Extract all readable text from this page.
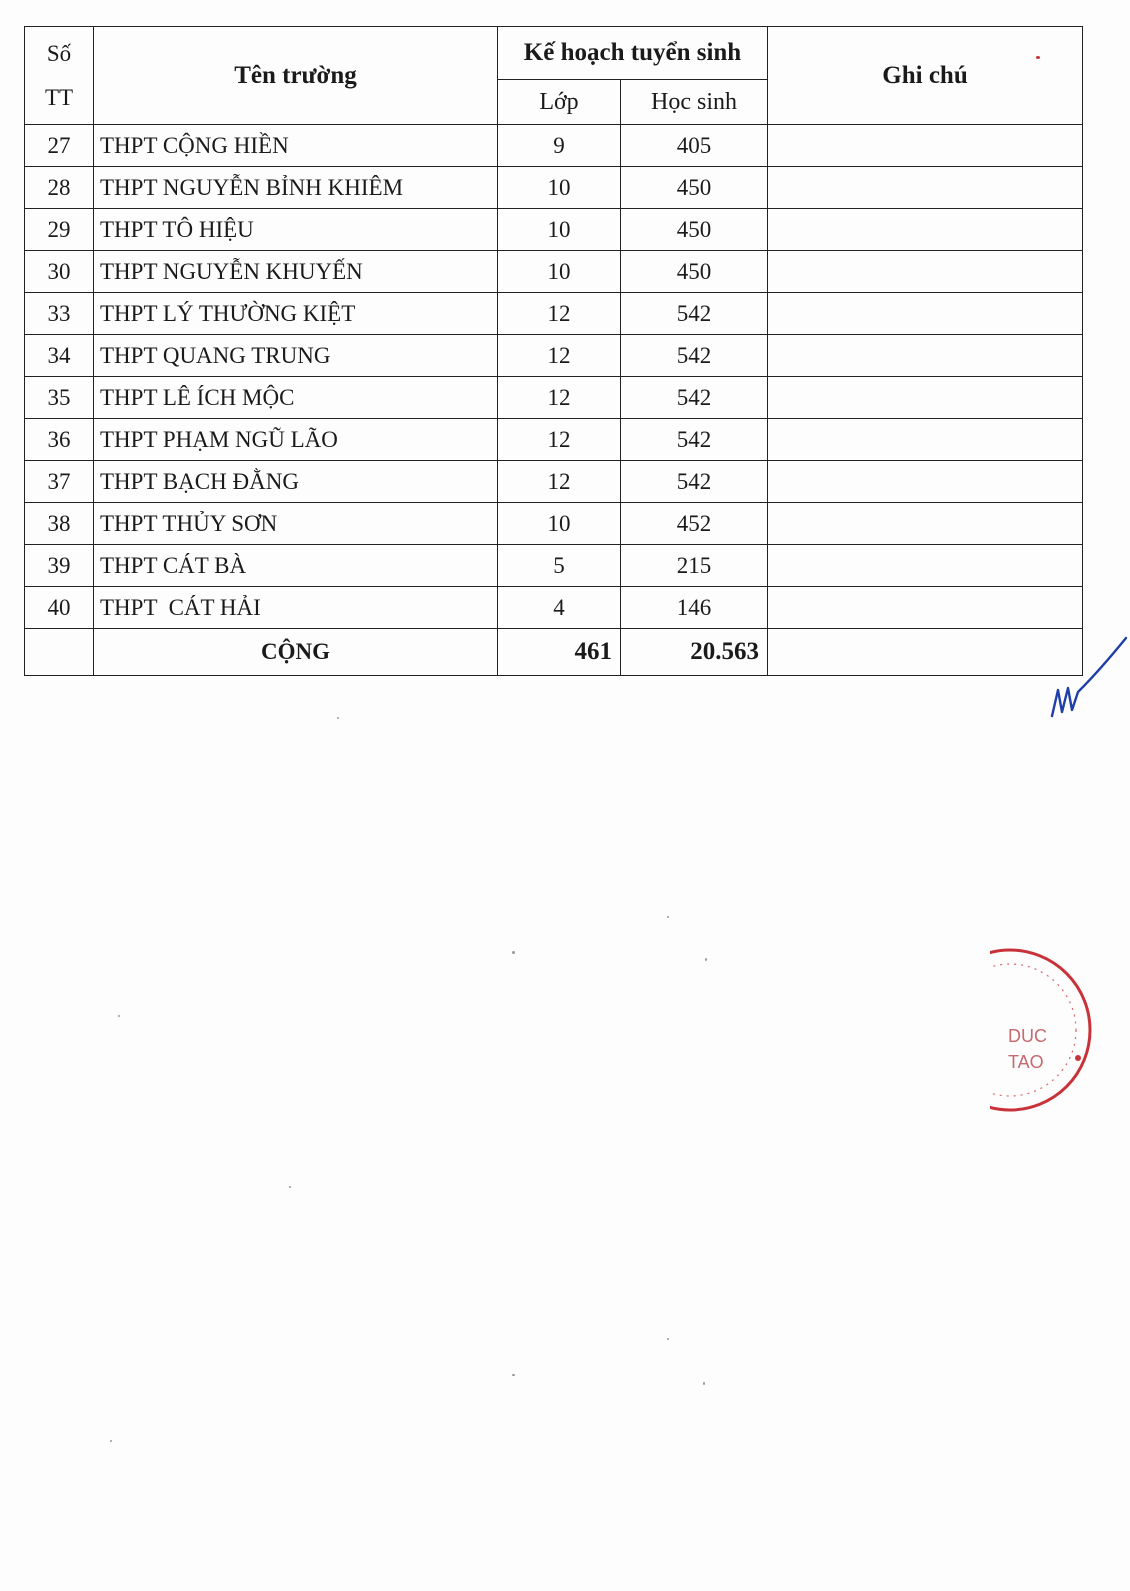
Số
TT	Tên trường	Kế hoạch tuyển sinh		Ghi chú
		Lớp	Học sinh	
27	THPT CỘNG HIỀN	9	405	
28	THPT NGUYỄN BỈNH KHIÊM	10	450	
29	THPT TÔ HIỆU	10	450	
30	THPT NGUYỄN KHUYẾN	10	450	
33	THPT LÝ THƯỜNG KIỆT	12	542	
34	THPT QUANG TRUNG	12	542	
35	THPT LÊ ÍCH MỘC	12	542	
36	THPT PHẠM NGŨ LÃO	12	542	
37	THPT BẠCH ĐẰNG	12	542	
38	THPT THỦY SƠN	10	452	
39	THPT CÁT BÀ	5	215	
40	THPT  CÁT HẢI	4	146	
	CỘNG	461	20.563	
DUC
TAO
